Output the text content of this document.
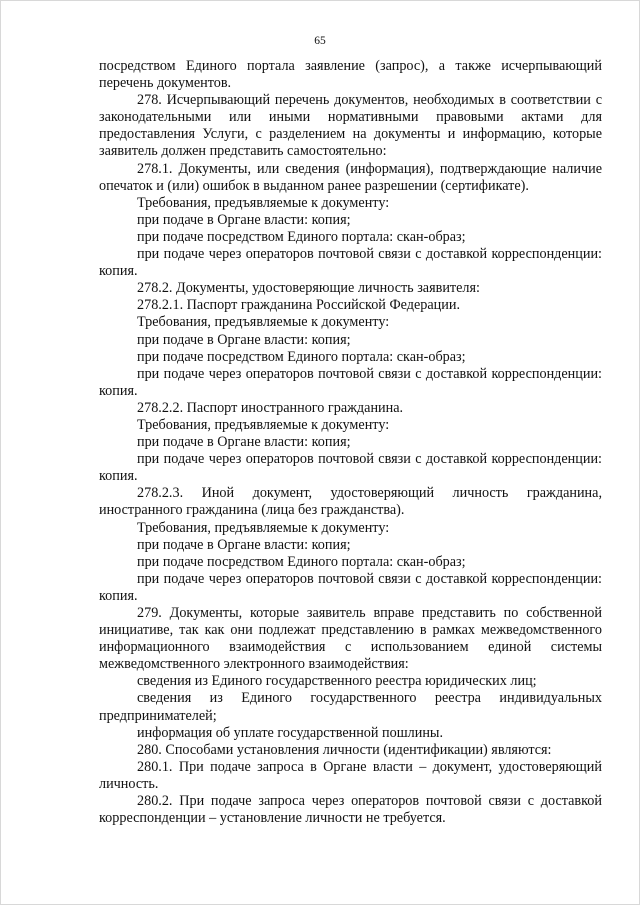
65

посредством Единого портала заявление (запрос), а также исчерпывающий перечень документов.

278. Исчерпывающий перечень документов, необходимых в соответствии с законодательными или иными нормативными правовыми актами для предоставления Услуги, с разделением на документы и информацию, которые заявитель должен представить самостоятельно:

278.1. Документы, или сведения (информация), подтверждающие наличие опечаток и (или) ошибок в выданном ранее разрешении (сертификате).

Требования, предъявляемые к документу:

при подаче в Органе власти: копия;

при подаче посредством Единого портала: скан-образ;

при подаче через операторов почтовой связи с доставкой корреспонденции: копия.

278.2. Документы, удостоверяющие личность заявителя:

278.2.1. Паспорт гражданина Российской Федерации.

Требования, предъявляемые к документу:

при подаче в Органе власти: копия;

при подаче посредством Единого портала: скан-образ;

при подаче через операторов почтовой связи с доставкой корреспонденции: копия.

278.2.2. Паспорт иностранного гражданина.

Требования, предъявляемые к документу:

при подаче в Органе власти: копия;

при подаче через операторов почтовой связи с доставкой корреспонденции: копия.

278.2.3. Иной документ, удостоверяющий личность гражданина, иностранного гражданина (лица без гражданства).

Требования, предъявляемые к документу:

при подаче в Органе власти: копия;

при подаче посредством Единого портала: скан-образ;

при подаче через операторов почтовой связи с доставкой корреспонденции: копия.

279. Документы, которые заявитель вправе представить по собственной инициативе, так как они подлежат представлению в рамках межведомственного информационного взаимодействия с использованием единой системы межведомственного электронного взаимодействия:

сведения из Единого государственного реестра юридических лиц;

сведения из Единого государственного реестра индивидуальных предпринимателей;

информация об уплате государственной пошлины.

280. Способами установления личности (идентификации) являются:

280.1. При подаче запроса в Органе власти – документ, удостоверяющий личность.

280.2. При подаче запроса через операторов почтовой связи с доставкой корреспонденции – установление личности не требуется.
